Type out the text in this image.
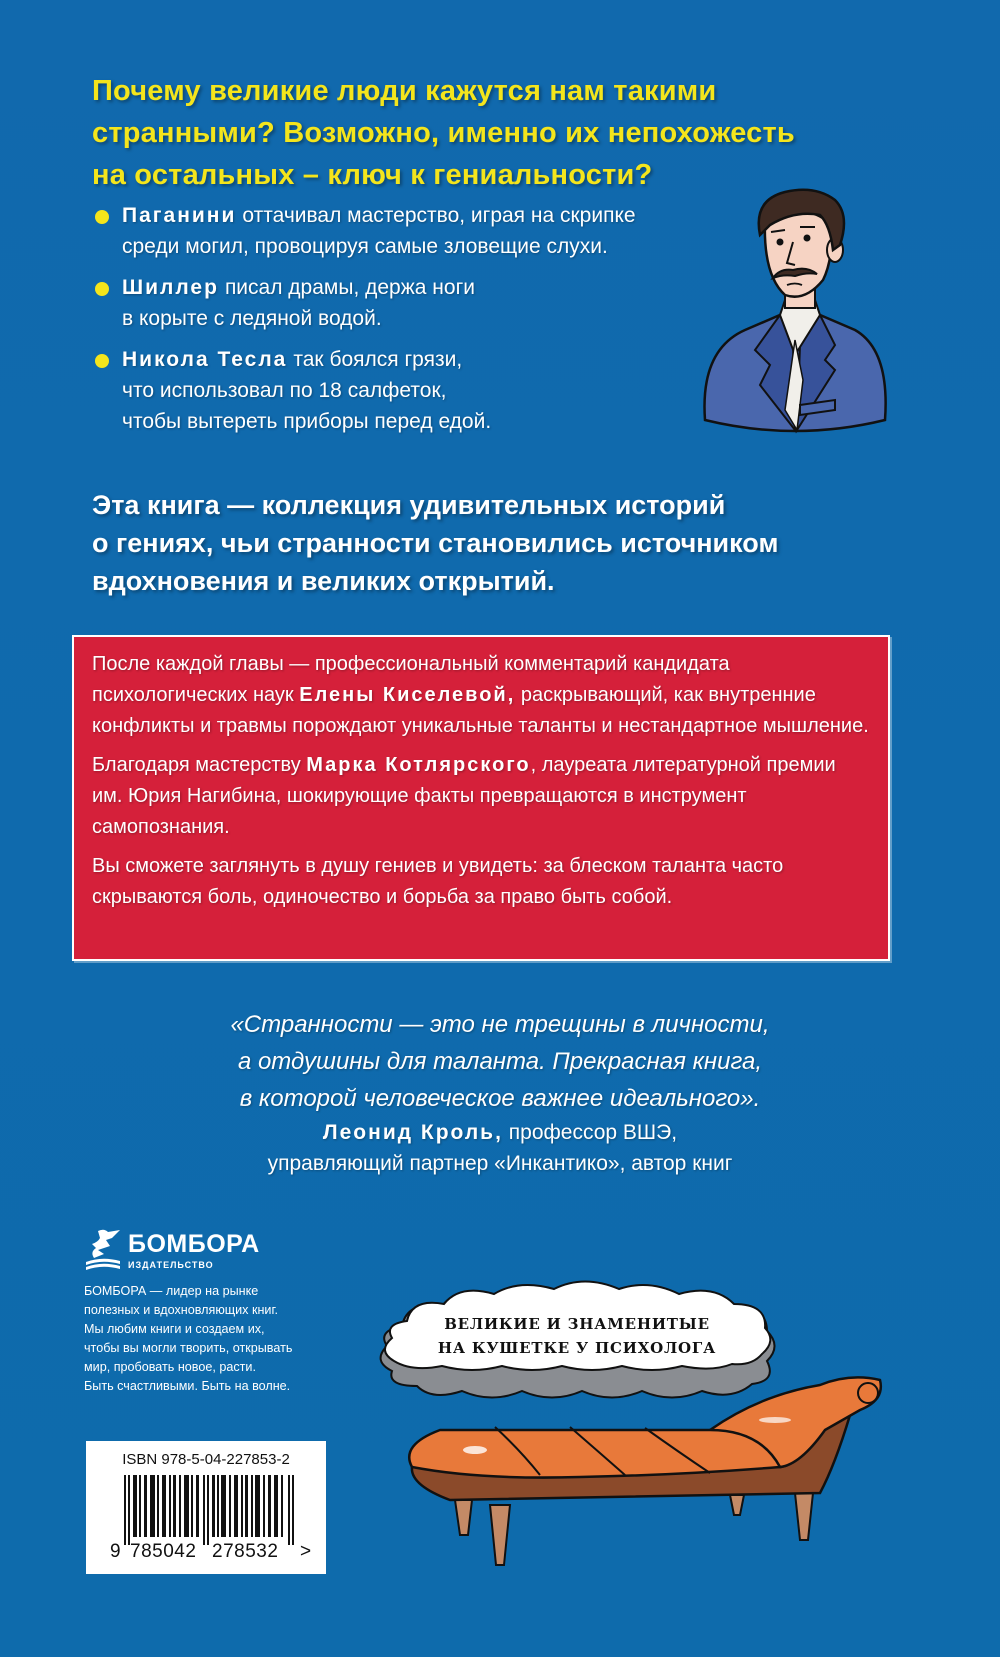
Почему великие люди кажутся нам такими
странными? Возможно, именно их непохожесть
на остальных – ключ к гениальности?
Паганини оттачивал мастерство, играя на скрипке
среди могил, провоцируя самые зловещие слухи.
Шиллер писал драмы, держа ноги
в корыте с ледяной водой.
Никола Тесла так боялся грязи,
что использовал по 18 салфеток,
чтобы вытереть приборы перед едой.
Эта книга — коллекция удивительных историй
о гениях, чьи странности становились источником
вдохновения и великих открытий.

После каждой главы — профессиональный комментарий кандидата психологических наук Елены Киселевой, раскрывающий, как внутренние конфликты и травмы порождают уникальные таланты и нестандартное мышление.

Благодаря мастерству Марка Котлярского, лауреата литературной премии им. Юрия Нагибина, шокирующие факты превращаются в инструмент самопознания.

Вы сможете заглянуть в душу гениев и увидеть: за блеском таланта часто скрываются боль, одиночество и борьба за право быть собой.

«Странности — это не трещины в личности,
а отдушины для таланта. Прекрасная книга,
в которой человеческое важнее идеального».
Леонид Кроль, профессор ВШЭ,
управляющий партнер «Инкантико», автор книг
БОМБОРА
ИЗДАТЕЛЬСТВО
БОМБОРА — лидер на рынке
полезных и вдохновляющих книг.
Мы любим книги и создаем их,
чтобы вы могли творить, открывать
мир, пробовать новое, расти.
Быть счастливыми. Быть на волне.
ISBN 978-5-04-227853-2
9 785042 278532 >
ВЕЛИКИЕ И ЗНАМЕНИТЫЕ
НА КУШЕТКЕ У ПСИХОЛОГА
